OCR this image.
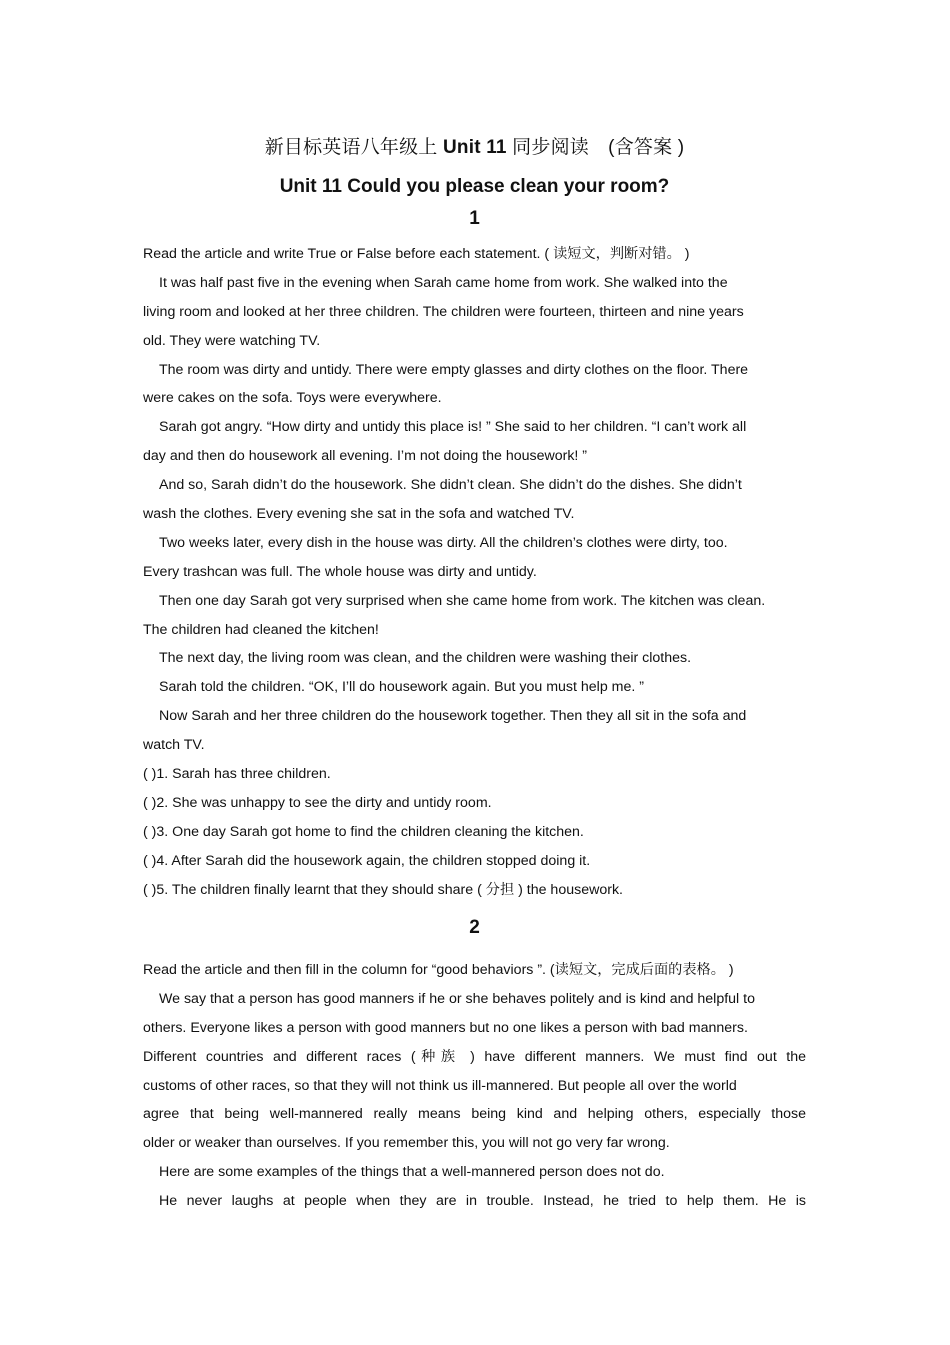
新目标英语八年级上 Unit 11 同步阅读　(含答案 )
Unit 11 Could you please clean your room?
1
Read the article and write True or False before each statement. ( 读短文，判断对错。 )
It was half past five in the evening when Sarah came home from work. She walked into the
living room and looked at her three children. The children were fourteen, thirteen and nine years
old. They were watching TV.
The room was dirty and untidy. There were empty glasses and dirty clothes on the floor. There
were cakes on the sofa. Toys were everywhere.
Sarah got angry. “How dirty and untidy this place is! ” She said to her children. “I can’t work all
day and then do housework all evening. I’m not doing the housework! ”
And so, Sarah didn’t do the housework. She didn’t clean. She didn’t do the dishes. She didn’t
wash the clothes. Every evening she sat in the sofa and watched TV.
Two weeks later, every dish in the house was dirty. All the children’s clothes were dirty, too.
Every trashcan was full. The whole house was dirty and untidy.
Then one day Sarah got very surprised when she came home from work. The kitchen was clean.
The children had cleaned the kitchen!
The next day, the living room was clean, and the children were washing their clothes.
Sarah told the children. “OK, I’ll do housework again. But you must help me. ”
Now Sarah and her three children do the housework together. Then they all sit in the sofa and
watch TV.
( )1. Sarah has three children.
( )2. She was unhappy to see the dirty and untidy room.
( )3. One day Sarah got home to find the children cleaning the kitchen.
( )4. After Sarah did the housework again, the children stopped doing it.
( )5. The children finally learnt that they should share ( 分担 ) the housework.
2
Read the article and then fill in the column for “good behaviors ”. (读短文，完成后面的表格。 )
We say that a person has good manners if he or she behaves politely and is kind and helpful to
others. Everyone likes a person with good manners but no one likes a person with bad manners.
Different countries and different races (种族 ) have different manners. We must find out the
customs of other races, so that they will not think us ill-mannered. But people all over the world
agree that being well-mannered really means being kind and helping others, especially those
older or weaker than ourselves. If you remember this, you will not go very far wrong.
Here are some examples of the things that a well-mannered person does not do.
He never laughs at people when they are in trouble. Instead, he tried to help them. He is
